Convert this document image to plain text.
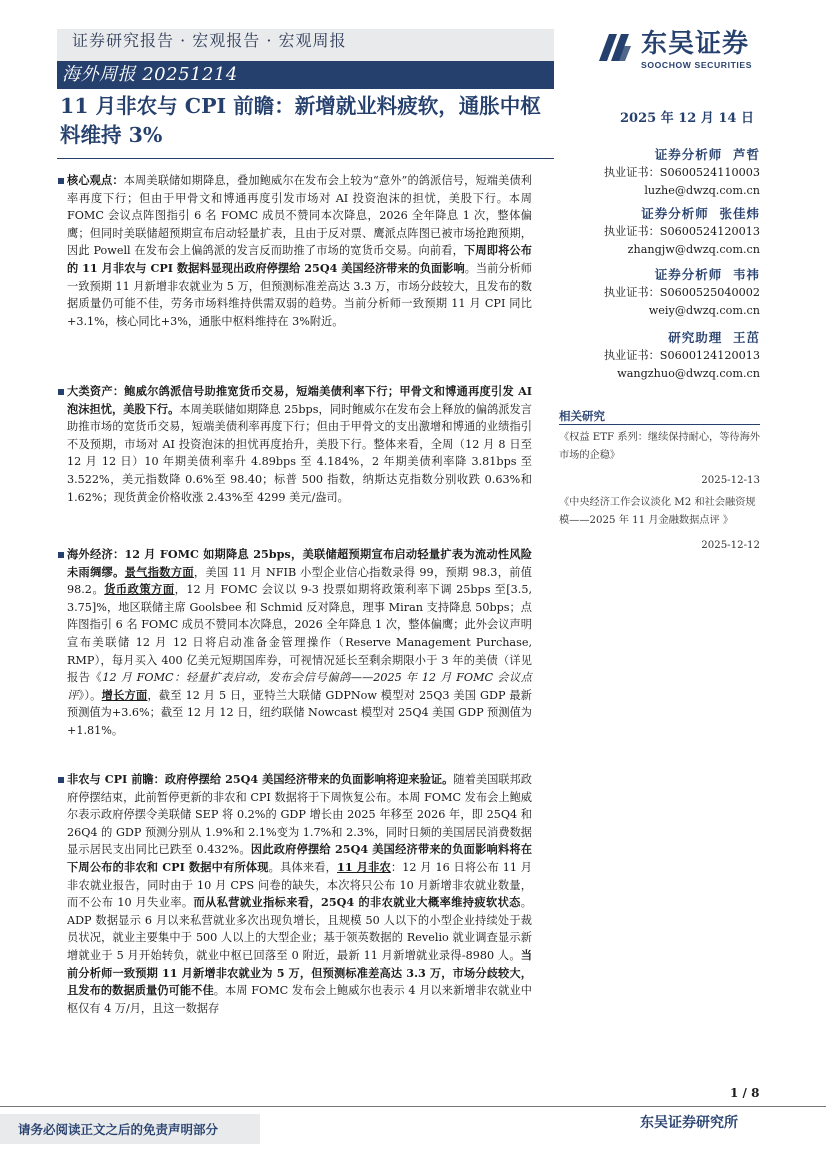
证券研究报告 · 宏观报告 · 宏观周报
海外周报 20251214
东吴证券
SOOCHOW SECURITIES
11 月非农与 CPI 前瞻：新增就业料疲软，通胀中枢料维持 3%
2025 年 12 月 14 日
核心观点：本周美联储如期降息，叠加鲍威尔在发布会上较为“意外”的鸽派信号，短端美债利率再度下行；但由于甲骨文和博通再度引发市场对 AI 投资泡沫的担忧，美股下行。本周 FOMC 会议点阵图指引 6 名 FOMC 成员不赞同本次降息，2026 全年降息 1 次，整体偏鹰；但同时美联储超预期宣布启动轻量扩表，且由于反对票、鹰派点阵图已被市场抢跑预期，因此 Powell 在发布会上偏鸽派的发言反而助推了市场的宽货币交易。向前看，下周即将公布的 11 月非农与 CPI 数据料显现出政府停摆给 25Q4 美国经济带来的负面影响。当前分析师一致预期 11 月新增非农就业为 5 万，但预测标准差高达 3.3 万，市场分歧较大，且发布的数据质量仍可能不佳，劳务市场料维持供需双弱的趋势。当前分析师一致预期 11 月 CPI 同比+3.1%，核心同比+3%，通胀中枢料维持在 3%附近。
大类资产：鲍威尔鸽派信号助推宽货币交易，短端美债利率下行；甲骨文和博通再度引发 AI 泡沫担忧，美股下行。本周美联储如期降息 25bps，同时鲍威尔在发布会上释放的偏鸽派发言助推市场的宽货币交易，短端美债利率再度下行；但由于甲骨文的支出激增和博通的业绩指引不及预期，市场对 AI 投资泡沫的担忧再度抬升，美股下行。整体来看，全周（12 月 8 日至 12 月 12 日）10 年期美债利率升 4.89bps 至 4.184%，2 年期美债利率降 3.81bps 至 3.522%，美元指数降 0.6%至 98.40；标普 500 指数，纳斯达克指数分别收跌 0.63%和 1.62%；现货黄金价格收涨 2.43%至 4299 美元/盎司。
海外经济：12 月 FOMC 如期降息 25bps，美联储超预期宣布启动轻量扩表为流动性风险未雨绸缪。景气指数方面，美国 11 月 NFIB 小型企业信心指数录得 99，预期 98.3，前值 98.2。货币政策方面，12 月 FOMC 会议以 9-3 投票如期将政策利率下调 25bps 至[3.5, 3.75]%，地区联储主席 Goolsbee 和 Schmid 反对降息，理事 Miran 支持降息 50bps；点阵图指引 6 名 FOMC 成员不赞同本次降息，2026 全年降息 1 次，整体偏鹰；此外会议声明宣布美联储 12 月 12 日将启动准备金管理操作（Reserve Management Purchase, RMP），每月买入 400 亿美元短期国库券，可视情况延长至剩余期限小于 3 年的美债（详见报告《12 月 FOMC：轻量扩表启动，发布会信号偏鸽——2025 年 12 月 FOMC 会议点评》）。增长方面，截至 12 月 5 日，亚特兰大联储 GDPNow 模型对 25Q3 美国 GDP 最新预测值为+3.6%；截至 12 月 12 日，纽约联储 Nowcast 模型对 25Q4 美国 GDP 预测值为+1.81%。
非农与 CPI 前瞻：政府停摆给 25Q4 美国经济带来的负面影响将迎来验证。随着美国联邦政府停摆结束，此前暂停更新的非农和 CPI 数据将于下周恢复公布。本周 FOMC 发布会上鲍威尔表示政府停摆令美联储 SEP 将 0.2%的 GDP 增长由 2025 年移至 2026 年，即 25Q4 和 26Q4 的 GDP 预测分别从 1.9%和 2.1%变为 1.7%和 2.3%，同时日频的美国居民消费数据显示居民支出同比已跌至 0.432%。因此政府停摆给 25Q4 美国经济带来的负面影响料将在下周公布的非农和 CPI 数据中有所体现。具体来看，11 月非农：12 月 16 日将公布 11 月非农就业报告，同时由于 10 月 CPS 问卷的缺失，本次将只公布 10 月新增非农就业数量，而不公布 10 月失业率。而从私营就业指标来看，25Q4 的非农就业大概率维持疲软状态。ADP 数据显示 6 月以来私营就业多次出现负增长，且规模 50 人以下的小型企业持续处于裁员状况，就业主要集中于 500 人以上的大型企业；基于领英数据的 Revelio 就业调查显示新增就业于 5 月开始转负，就业中枢已回落至 0 附近，最新 11 月新增就业录得-8980 人。当前分析师一致预期 11 月新增非农就业为 5 万，但预测标准差高达 3.3 万，市场分歧较大，且发布的数据质量仍可能不佳。本周 FOMC 发布会上鲍威尔也表示 4 月以来新增非农就业中枢仅有 4 万/月，且这一数据存
证券分析师 芦哲
执业证书：S0600524110003
luzhe@dwzq.com.cn
证券分析师 张佳炜
执业证书：S0600524120013
zhangjw@dwzq.com.cn
证券分析师 韦祎
执业证书：S0600525040002
weiy@dwzq.com.cn
研究助理 王茁
执业证书：S0600124120013
wangzhuo@dwzq.com.cn
相关研究
《权益 ETF 系列：继续保持耐心，等待海外市场的企稳》
2025-12-13
《中央经济工作会议淡化 M2 和社会融资规模——2025 年 11 月金融数据点评 》
2025-12-12
1 / 8
请务必阅读正文之后的免责声明部分	东吴证券研究所
